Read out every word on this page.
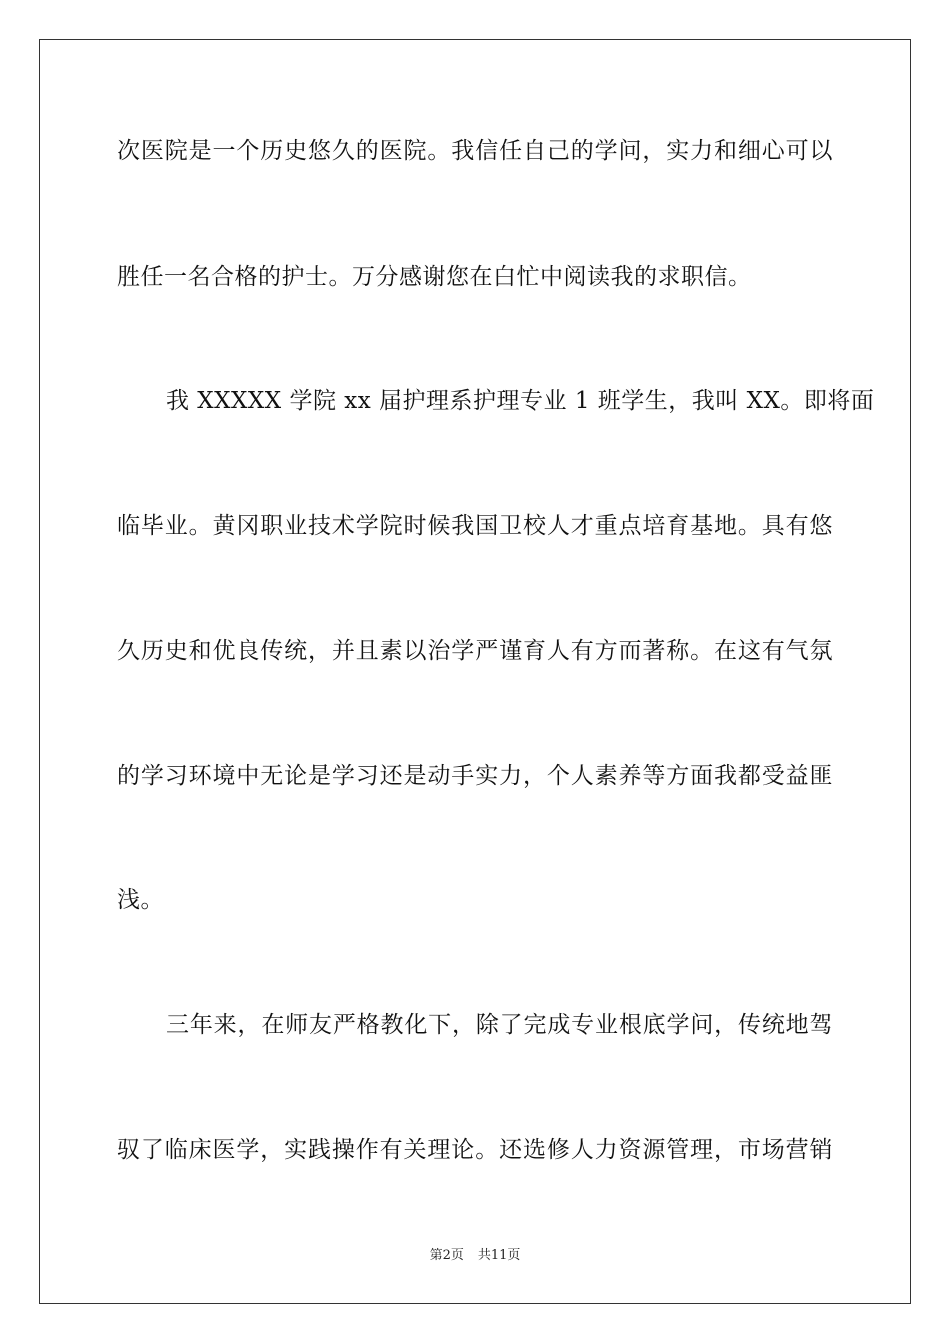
次医院是一个历史悠久的医院。我信任自己的学问，实力和细心可以
胜任一名合格的护士。万分感谢您在白忙中阅读我的求职信。
我 XXXXX 学院 xx 届护理系护理专业 1 班学生，我叫 XX。即将面
临毕业。黄冈职业技术学院时候我国卫校人才重点培育基地。具有悠
久历史和优良传统，并且素以治学严谨育人有方而著称。在这有气氛
的学习环境中无论是学习还是动手实力，个人素养等方面我都受益匪
浅。
三年来，在师友严格教化下，除了完成专业根底学问，传统地驾
驭了临床医学，实践操作有关理论。还选修人力资源管理，市场营销
第2页 共11页
